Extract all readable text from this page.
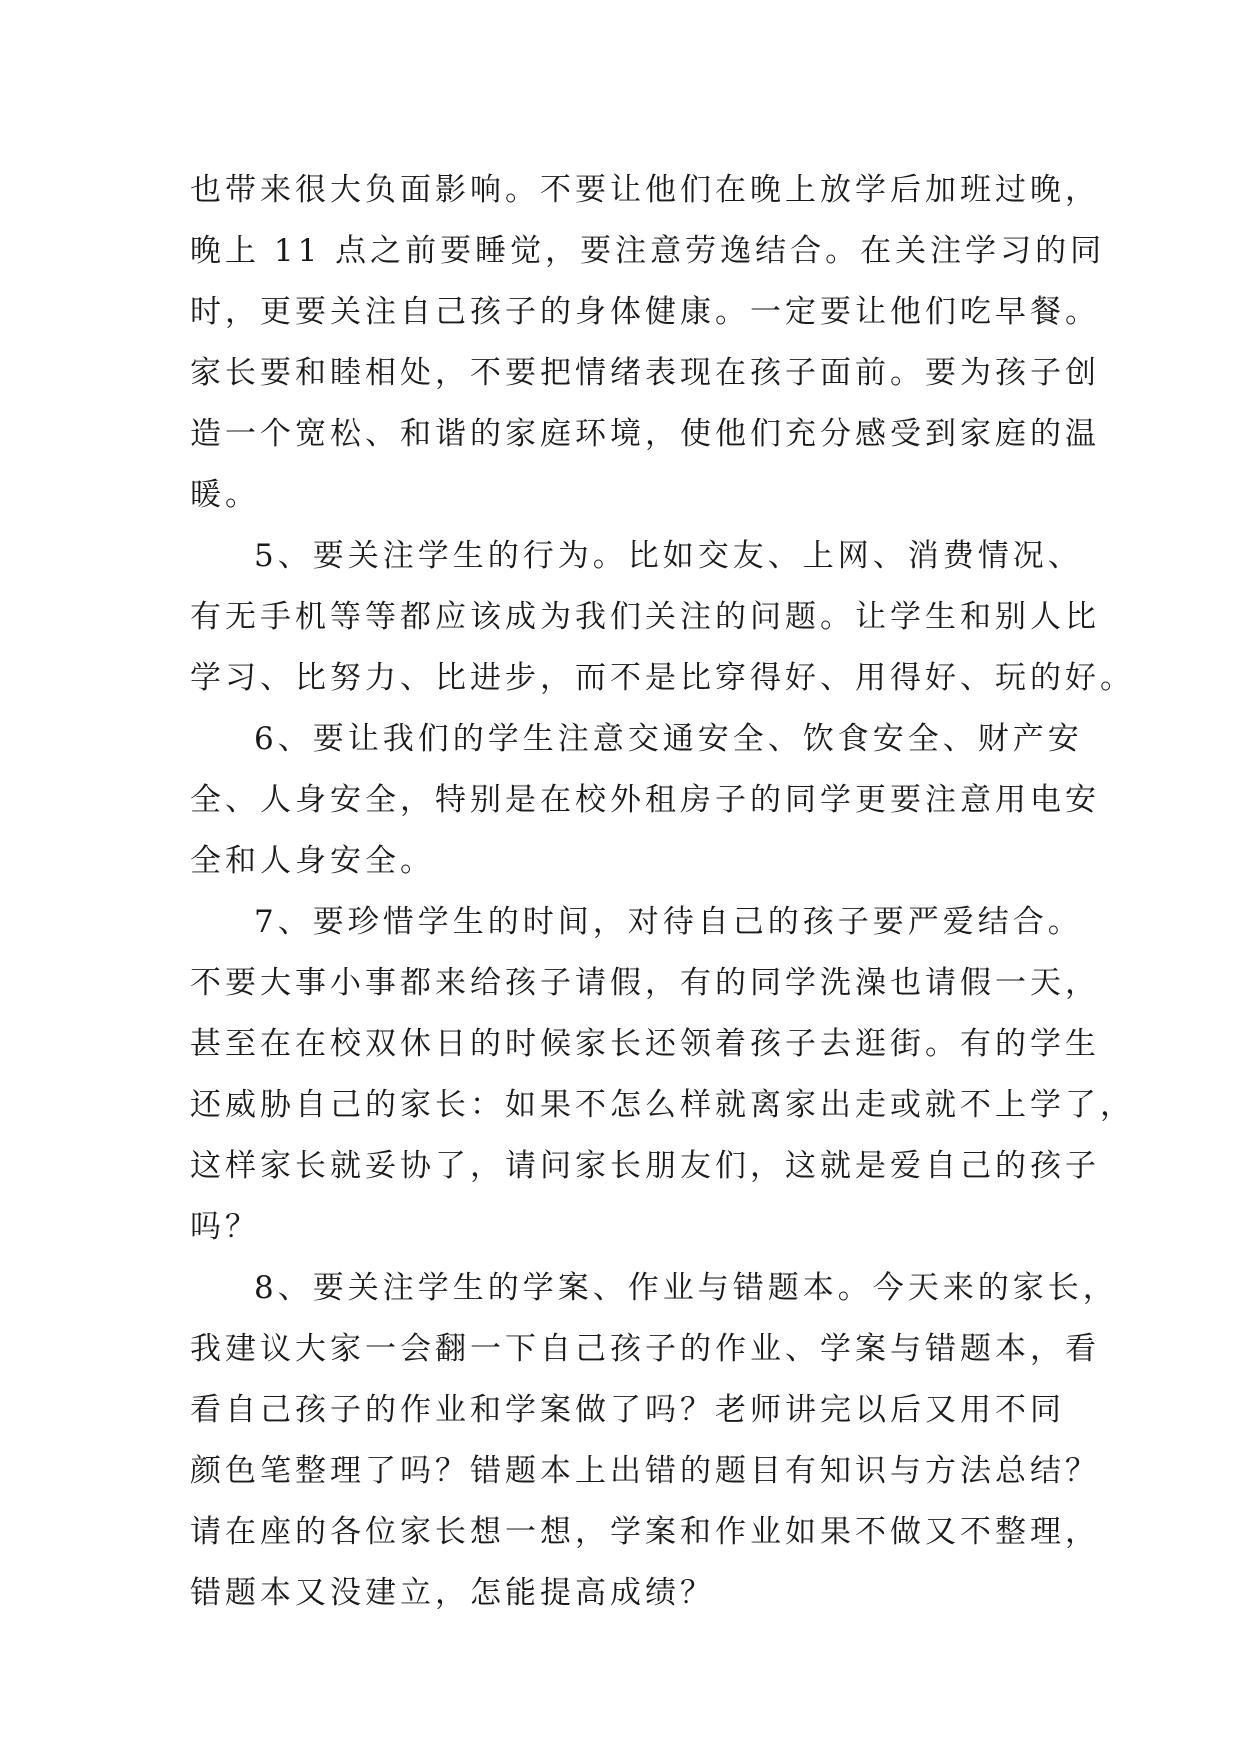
也带来很大负面影响。不要让他们在晚上放学后加班过晚，
晚上 11 点之前要睡觉，要注意劳逸结合。在关注学习的同
时，更要关注自己孩子的身体健康。一定要让他们吃早餐。
家长要和睦相处，不要把情绪表现在孩子面前。要为孩子创
造一个宽松、和谐的家庭环境，使他们充分感受到家庭的温
暖。
5、要关注学生的行为。比如交友、上网、消费情况、
有无手机等等都应该成为我们关注的问题。让学生和别人比
学习、比努力、比进步，而不是比穿得好、用得好、玩的好。
6、要让我们的学生注意交通安全、饮食安全、财产安
全、人身安全，特别是在校外租房子的同学更要注意用电安
全和人身安全。
7、要珍惜学生的时间，对待自己的孩子要严爱结合。
不要大事小事都来给孩子请假，有的同学洗澡也请假一天，
甚至在在校双休日的时候家长还领着孩子去逛街。有的学生
还威胁自己的家长：如果不怎么样就离家出走或就不上学了，
这样家长就妥协了，请问家长朋友们，这就是爱自己的孩子
吗？
8、要关注学生的学案、作业与错题本。今天来的家长，
我建议大家一会翻一下自己孩子的作业、学案与错题本，看
看自己孩子的作业和学案做了吗？老师讲完以后又用不同
颜色笔整理了吗？错题本上出错的题目有知识与方法总结？
请在座的各位家长想一想，学案和作业如果不做又不整理，
错题本又没建立，怎能提高成绩？
